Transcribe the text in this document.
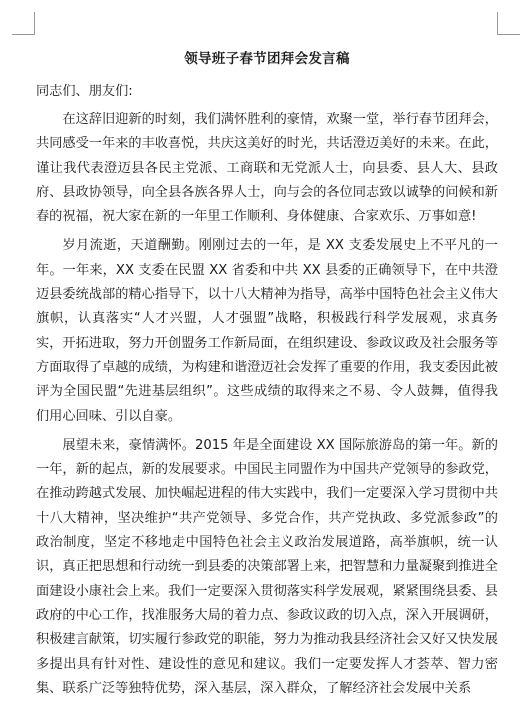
领导班子春节团拜会发言稿
同志们、朋友们:

在这辞旧迎新的时刻，我们满怀胜利的豪情，欢聚一堂，举行春节团拜会，共同感受一年来的丰收喜悦，共庆这美好的时光，共话澄迈美好的未来。在此，谨让我代表澄迈县各民主党派、工商联和无党派人士，向县委、县人大、县政府、县政协领导，向全县各族各界人士，向与会的各位同志致以诚挚的问候和新春的祝福，祝大家在新的一年里工作顺利、身体健康、合家欢乐、万事如意!

岁月流逝，天道酬勤。刚刚过去的一年，是 XX 支委发展史上不平凡的一年。一年来，XX 支委在民盟 XX 省委和中共 XX 县委的正确领导下，在中共澄迈县委统战部的精心指导下，以十八大精神为指导，高举中国特色社会主义伟大旗帜，认真落实“人才兴盟，人才强盟”战略，积极践行科学发展观，求真务实，开拓进取，努力开创盟务工作新局面，在组织建设、参政议政及社会服务等方面取得了卓越的成绩，为构建和谐澄迈社会发挥了重要的作用，我支委因此被评为全国民盟“先进基层组织”。这些成绩的取得来之不易、令人鼓舞，值得我们用心回味、引以自豪。

展望未来，豪情满怀。2015 年是全面建设 XX 国际旅游岛的第一年。新的一年，新的起点，新的发展要求。中国民主同盟作为中国共产党领导的参政党，在推动跨越式发展、加快崛起进程的伟大实践中，我们一定要深入学习贯彻中共十八大精神，坚决维护“共产党领导、多党合作，共产党执政、多党派参政”的政治制度，坚定不移地走中国特色社会主义政治发展道路，高举旗帜，统一认识，真正把思想和行动统一到县委的决策部署上来，把智慧和力量凝聚到推进全面建设小康社会上来。我们一定要深入贯彻落实科学发展观，紧紧围绕县委、县政府的中心工作，找准服务大局的着力点、参政议政的切入点，深入开展调研，积极建言献策，切实履行参政党的职能，努力为推动我县经济社会又好又快发展多提出具有针对性、建设性的意见和建议。我们一定要发挥人才荟萃、智力密集、联系广泛等独特优势，深入基层，深入群众，了解经济社会发展中关系
